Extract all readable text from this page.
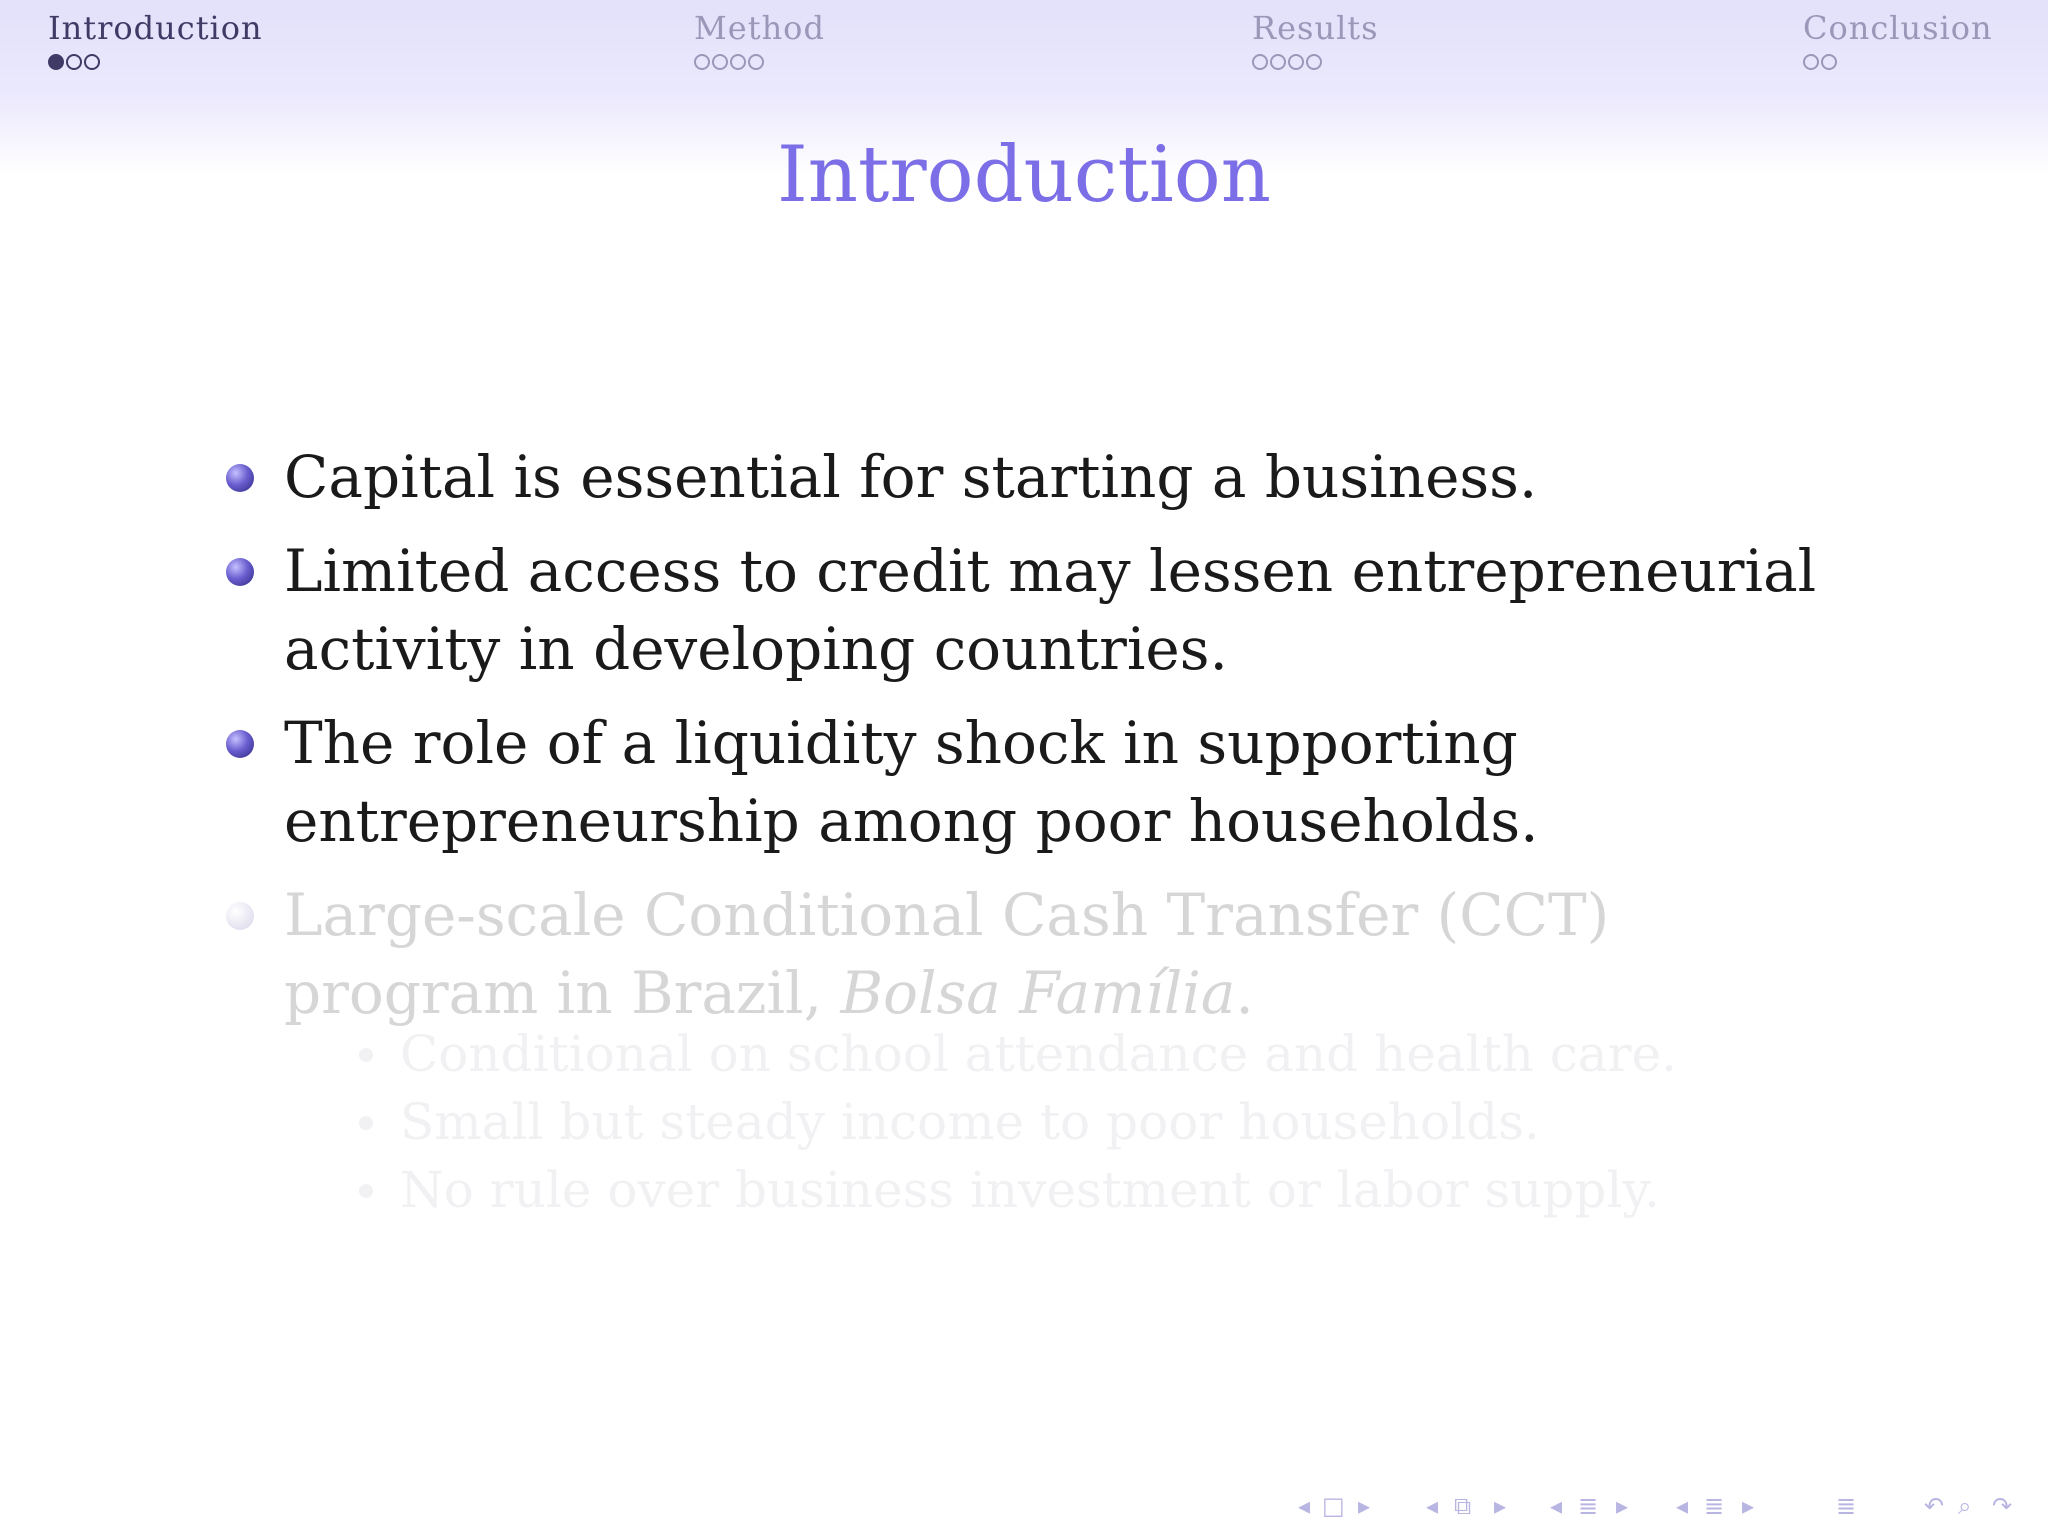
Introduction	Method	Results	Conclusion
Introduction
Capital is essential for starting a business.
Limited access to credit may lessen entrepreneurial activity in developing countries.
The role of a liquidity shock in supporting entrepreneurship among poor households.
Large-scale Conditional Cash Transfer (CCT) program in Brazil, Bolsa Família.
Conditional on school attendance and health care.
Small but steady income to poor households.
No rule over business investment or labor supply.
◂ □ ▸ ◂ ⧉ ▸ ◂ ≣ ▸ ◂ ≣ ▸	≣	↶ ⌕ ↷
